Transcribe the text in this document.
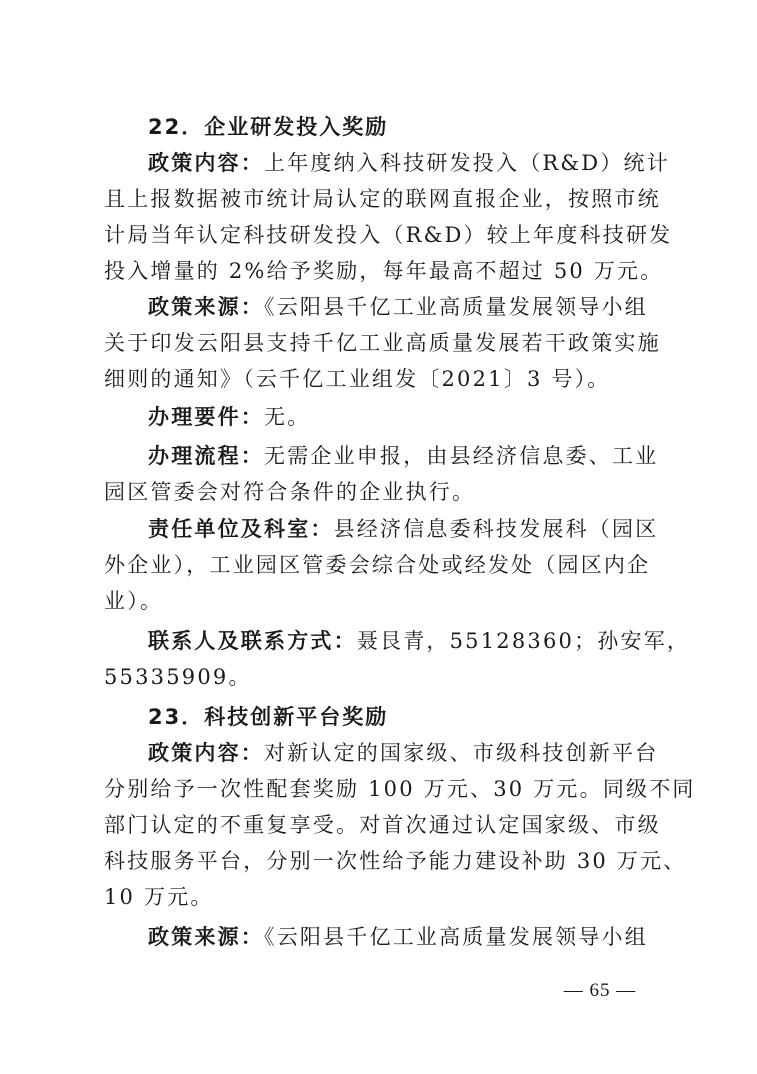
22．企业研发投入奖励
政策内容：上年度纳入科技研发投入（R&D）统计
且上报数据被市统计局认定的联网直报企业，按照市统
计局当年认定科技研发投入（R&D）较上年度科技研发
投入增量的 2%给予奖励，每年最高不超过 50 万元。
政策来源：《云阳县千亿工业高质量发展领导小组
关于印发云阳县支持千亿工业高质量发展若干政策实施
细则的通知》（云千亿工业组发〔2021〕3 号）。
办理要件：无。
办理流程：无需企业申报，由县经济信息委、工业
园区管委会对符合条件的企业执行。
责任单位及科室：县经济信息委科技发展科（园区
外企业），工业园区管委会综合处或经发处（园区内企
业）。
联系人及联系方式：聂艮青，55128360；孙安军，
55335909。
23．科技创新平台奖励
政策内容：对新认定的国家级、市级科技创新平台
分别给予一次性配套奖励 100 万元、30 万元。同级不同
部门认定的不重复享受。对首次通过认定国家级、市级
科技服务平台，分别一次性给予能力建设补助 30 万元、
10 万元。
政策来源：《云阳县千亿工业高质量发展领导小组
— 65 —
